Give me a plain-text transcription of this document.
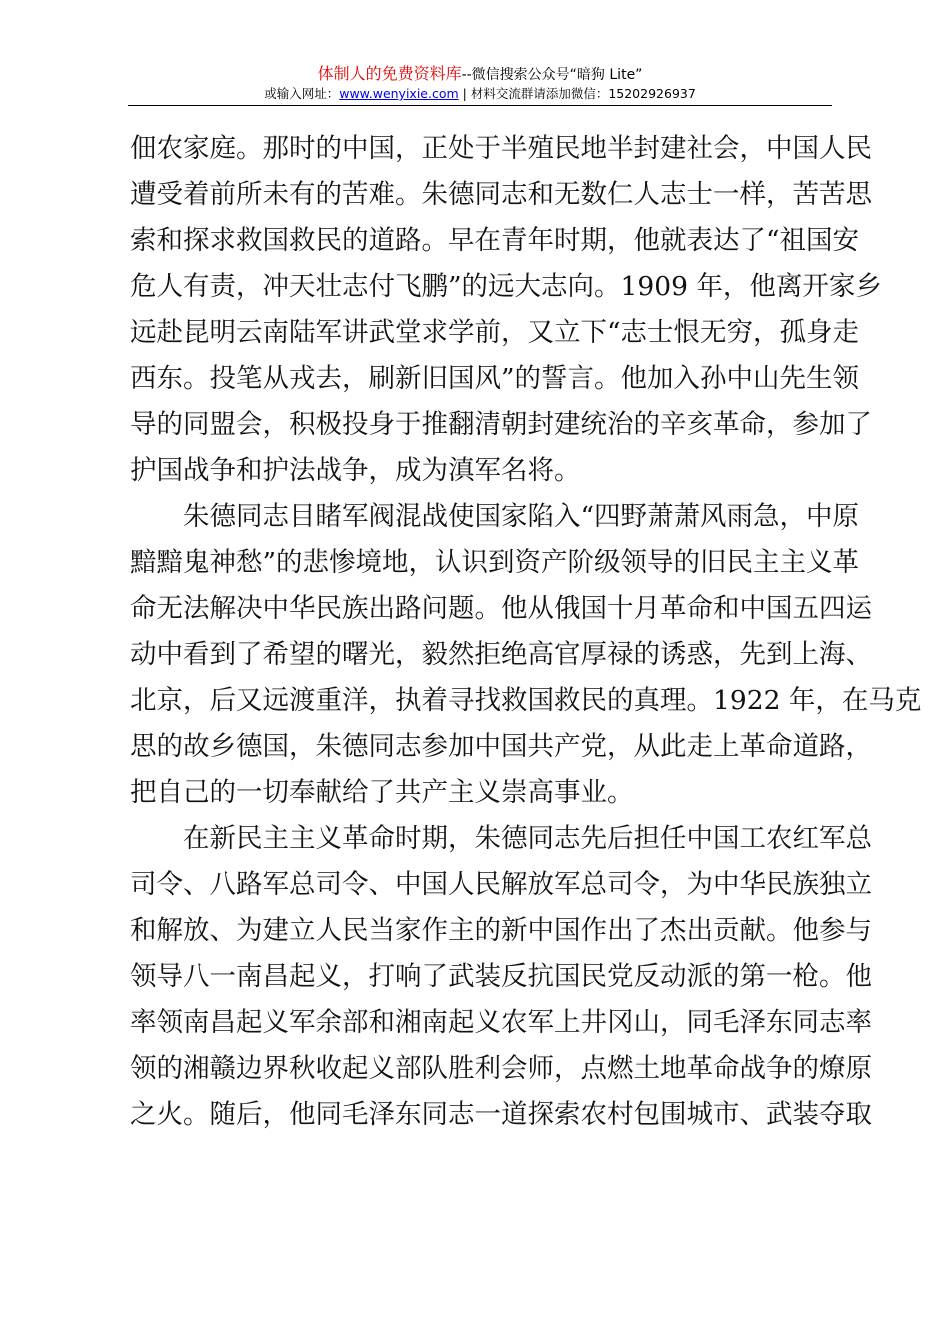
体制人的免费资料库--微信搜索公众号“暗狗 Lite”
或输入网址：www.wenyixie.com | 材料交流群请添加微信：15202926937

佃农家庭。那时的中国，正处于半殖民地半封建社会，中国人民
遭受着前所未有的苦难。朱德同志和无数仁人志士一样，苦苦思
索和探求救国救民的道路。早在青年时期，他就表达了“祖国安
危人有责，冲天壮志付飞鹏”的远大志向。1909 年，他离开家乡
远赴昆明云南陆军讲武堂求学前，又立下“志士恨无穷，孤身走
西东。投笔从戎去，刷新旧国风”的誓言。他加入孙中山先生领
导的同盟会，积极投身于推翻清朝封建统治的辛亥革命，参加了
护国战争和护法战争，成为滇军名将。

朱德同志目睹军阀混战使国家陷入“四野萧萧风雨急，中原
黯黯鬼神愁”的悲惨境地，认识到资产阶级领导的旧民主主义革
命无法解决中华民族出路问题。他从俄国十月革命和中国五四运
动中看到了希望的曙光，毅然拒绝高官厚禄的诱惑，先到上海、
北京，后又远渡重洋，执着寻找救国救民的真理。1922 年，在马克
思的故乡德国，朱德同志参加中国共产党，从此走上革命道路，
把自己的一切奉献给了共产主义崇高事业。

在新民主主义革命时期，朱德同志先后担任中国工农红军总
司令、八路军总司令、中国人民解放军总司令，为中华民族独立
和解放、为建立人民当家作主的新中国作出了杰出贡献。他参与
领导八一南昌起义，打响了武装反抗国民党反动派的第一枪。他
率领南昌起义军余部和湘南起义农军上井冈山，同毛泽东同志率
领的湘赣边界秋收起义部队胜利会师，点燃土地革命战争的燎原
之火。随后，他同毛泽东同志一道探索农村包围城市、武装夺取
